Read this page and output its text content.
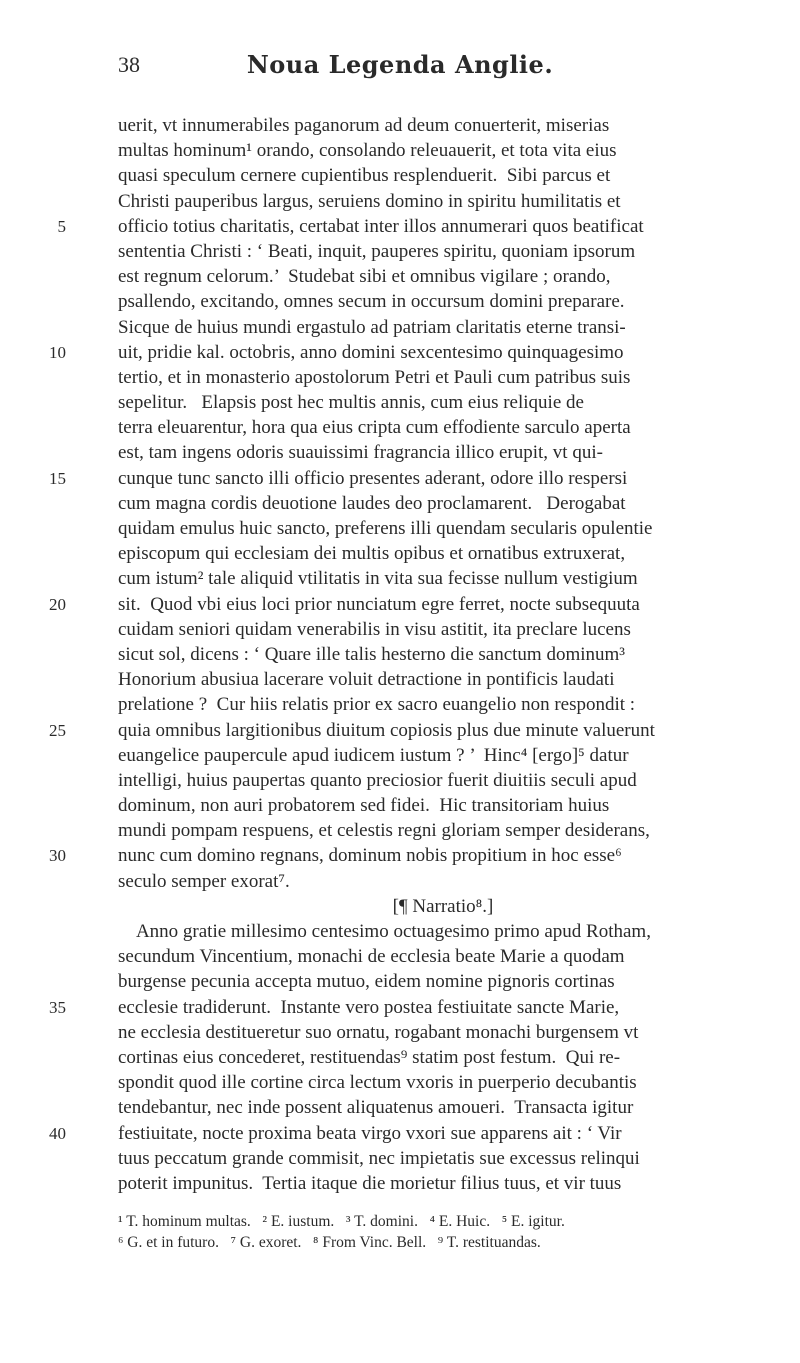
38	Noua Legenda Anglie.
uerit, vt innumerabiles paganorum ad deum conuerterit, miserias
multas hominum¹ orando, consolando releuauerit, et tota vita eius
quasi speculum cernere cupientibus resplenduerit.  Sibi parcus et
Christi pauperibus largus, seruiens domino in spiritu humilitatis et
5	officio totius charitatis, certabat inter illos annumerari quos beatificat
sententia Christi : ‘ Beati, inquit, pauperes spiritu, quoniam ipsorum
est regnum celorum.’  Studebat sibi et omnibus vigilare ; orando,
psallendo, excitando, omnes secum in occursum domini preparare.
Sicque de huius mundi ergastulo ad patriam claritatis eterne transi-
10	uit, pridie kal. octobris, anno domini sexcentesimo quinquagesimo
tertio, et in monasterio apostolorum Petri et Pauli cum patribus suis
sepelitur.   Elapsis post hec multis annis, cum eius reliquie de
terra eleuarentur, hora qua eius cripta cum effodiente sarculo aperta
est, tam ingens odoris suauissimi fragrancia illico erupit, vt qui-
15	cunque tunc sancto illi officio presentes aderant, odore illo respersi
cum magna cordis deuotione laudes deo proclamarent.   Derogabat
quidam emulus huic sancto, preferens illi quendam secularis opulentie
episcopum qui ecclesiam dei multis opibus et ornatibus extruxerat,
cum istum² tale aliquid vtilitatis in vita sua fecisse nullum vestigium
20	sit.  Quod vbi eius loci prior nunciatum egre ferret, nocte subsequuta
cuidam seniori quidam venerabilis in visu astitit, ita preclare lucens
sicut sol, dicens : ‘ Quare ille talis hesterno die sanctum dominum³
Honorium abusiua lacerare voluit detractione in pontificis laudati
prelatione ?  Cur hiis relatis prior ex sacro euangelio non respondit :
25	quia omnibus largitionibus diuitum copiosis plus due minute valuerunt
euangelice paupercule apud iudicem iustum ? ’  Hinc⁴ [ergo]⁵ datur
intelligi, huius paupertas quanto preciosior fuerit diuitiis seculi apud
dominum, non auri probatorem sed fidei.  Hic transitoriam huius
mundi pompam respuens, et celestis regni gloriam semper desiderans,
30	nunc cum domino regnans, dominum nobis propitium in hoc esse⁶
seculo semper exorat⁷.
[¶ Narratio⁸.]
Anno gratie millesimo centesimo octuagesimo primo apud Rotham,
secundum Vincentium, monachi de ecclesia beate Marie a quodam
burgense pecunia accepta mutuo, eidem nomine pignoris cortinas
35	ecclesie tradiderunt.  Instante vero postea festiuitate sancte Marie,
ne ecclesia destitueretur suo ornatu, rogabant monachi burgensem vt
cortinas eius concederet, restituendas⁹ statim post festum.  Qui re-
spondit quod ille cortine circa lectum vxoris in puerperio decubantis
tendebantur, nec inde possent aliquatenus amoueri.  Transacta igitur
40	festiuitate, nocte proxima beata virgo vxori sue apparens ait : ‘ Vir
tuus peccatum grande commisit, nec impietatis sue excessus relinqui
poterit impunitus.  Tertia itaque die morietur filius tuus, et vir tuus
¹ T. hominum multas.   ² E. iustum.   ³ T. domini.   ⁴ E. Huic.   ⁵ E. igitur.
⁶ G. et in futuro.   ⁷ G. exoret.   ⁸ From Vinc. Bell.   ⁹ T. restituandas.
